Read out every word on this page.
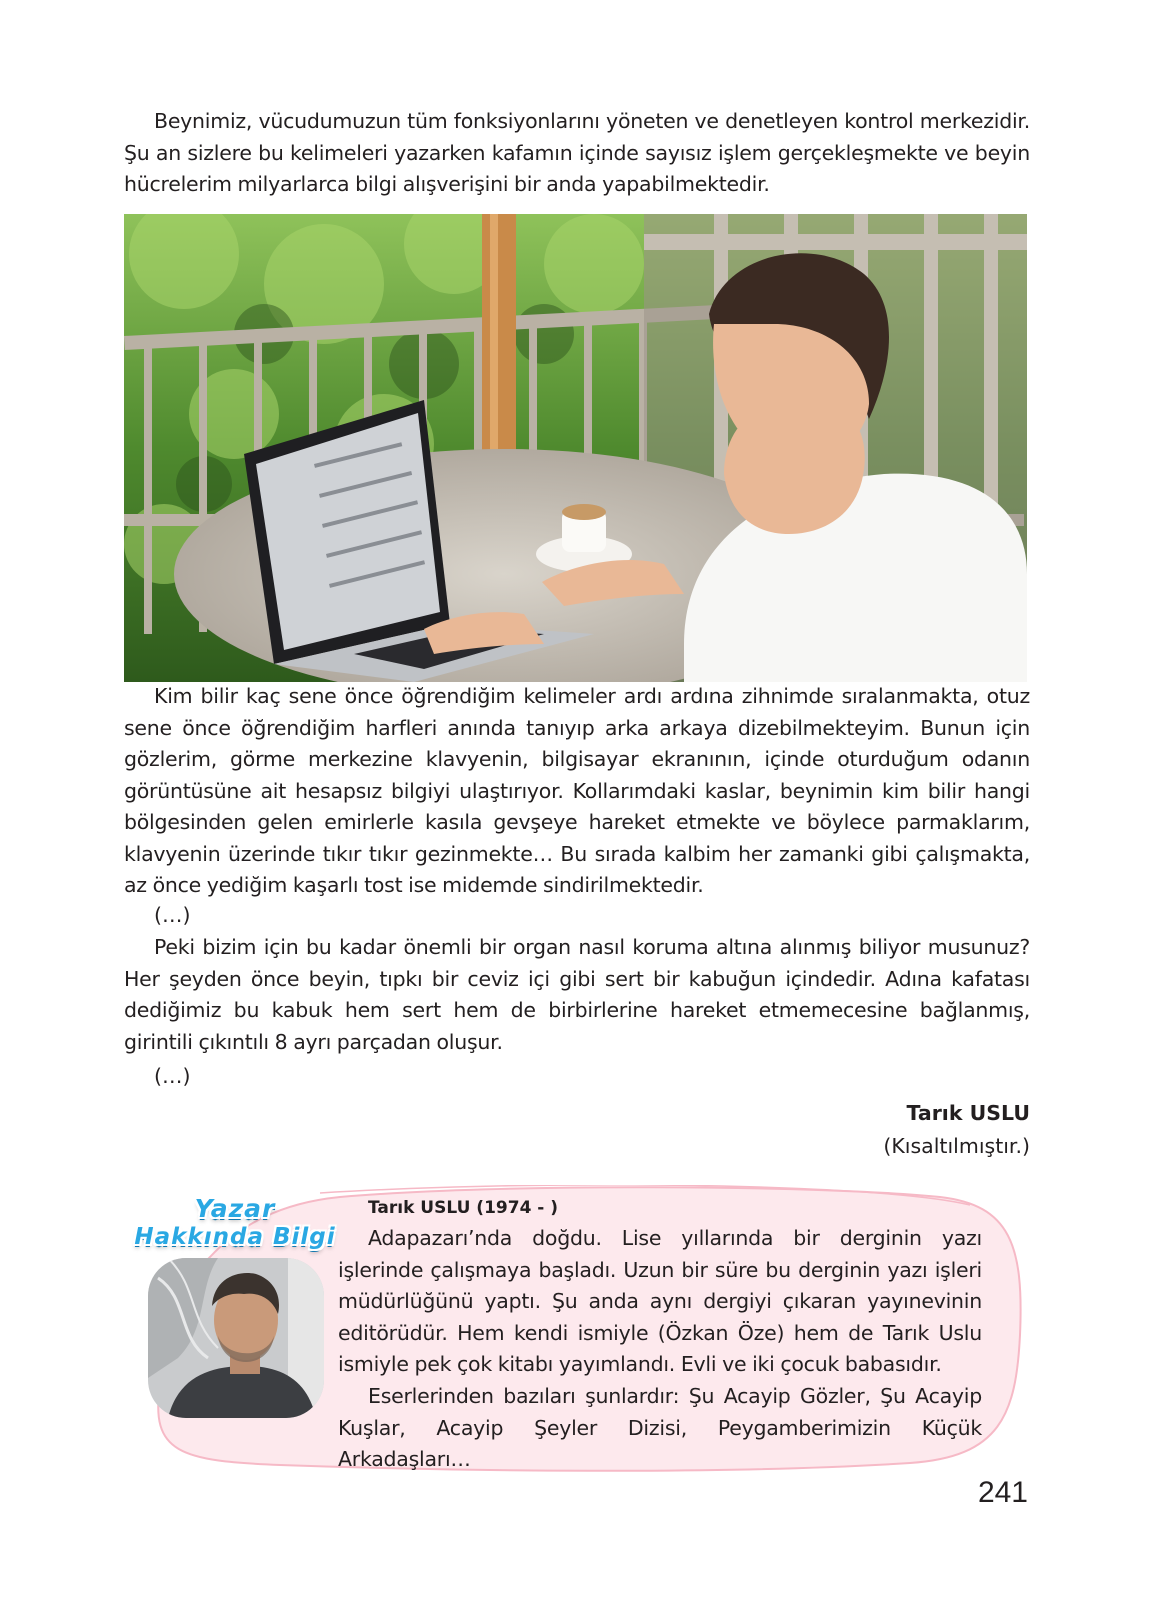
Beynimiz, vücudumuzun tüm fonksiyonlarını yöneten ve denetleyen kontrol merkezidir. Şu an sizlere bu kelimeleri yazarken kafamın içinde sayısız işlem gerçekleşmekte ve beyin hücrelerim milyarlarca bilgi alışverişini bir anda yapabilmektedir.

Kim bilir kaç sene önce öğrendiğim kelimeler ardı ardına zihnimde sıralanmakta, otuz sene önce öğrendiğim harfleri anında tanıyıp arka arkaya dizebilmekteyim. Bunun için gözlerim, görme merkezine klavyenin, bilgisayar ekranının, içinde oturduğum odanın görüntüsüne ait hesapsız bilgiyi ulaştırıyor. Kollarımdaki kaslar, beynimin kim bilir hangi bölgesinden gelen emirlerle kasıla gevşeye hareket etmekte ve böylece parmaklarım, klavyenin üzerinde tıkır tıkır gezinmekte… Bu sırada kalbim her zamanki gibi çalışmakta, az önce yediğim kaşarlı tost ise midemde sindirilmektedir.

(…)

Peki bizim için bu kadar önemli bir organ nasıl koruma altına alınmış biliyor musunuz? Her şeyden önce beyin, tıpkı bir ceviz içi gibi sert bir kabuğun içindedir. Adına kafatası dediğimiz bu kabuk hem sert hem de birbirlerine hareket etmemecesine bağlanmış, girintili çıkıntılı 8 ayrı parçadan oluşur.

(…)

Tarık USLU

(Kısaltılmıştır.)

Yazar
Hakkında Bilgi

Tarık USLU (1974 - )

Adapazarı’nda doğdu. Lise yıllarında bir derginin yazı işlerinde çalışmaya başladı. Uzun bir süre bu derginin yazı işleri müdürlüğünü yaptı. Şu anda aynı dergiyi çıkaran yayınevinin editörüdür. Hem kendi ismiyle (Özkan Öze) hem de Tarık Uslu ismiyle pek çok kitabı yayımlandı. Evli ve iki çocuk babasıdır.

Eserlerinden bazıları şunlardır: Şu Acayip Gözler, Şu Acayip Kuşlar, Acayip Şeyler Dizisi, Peygamberimizin Küçük Arkadaşları…

241
